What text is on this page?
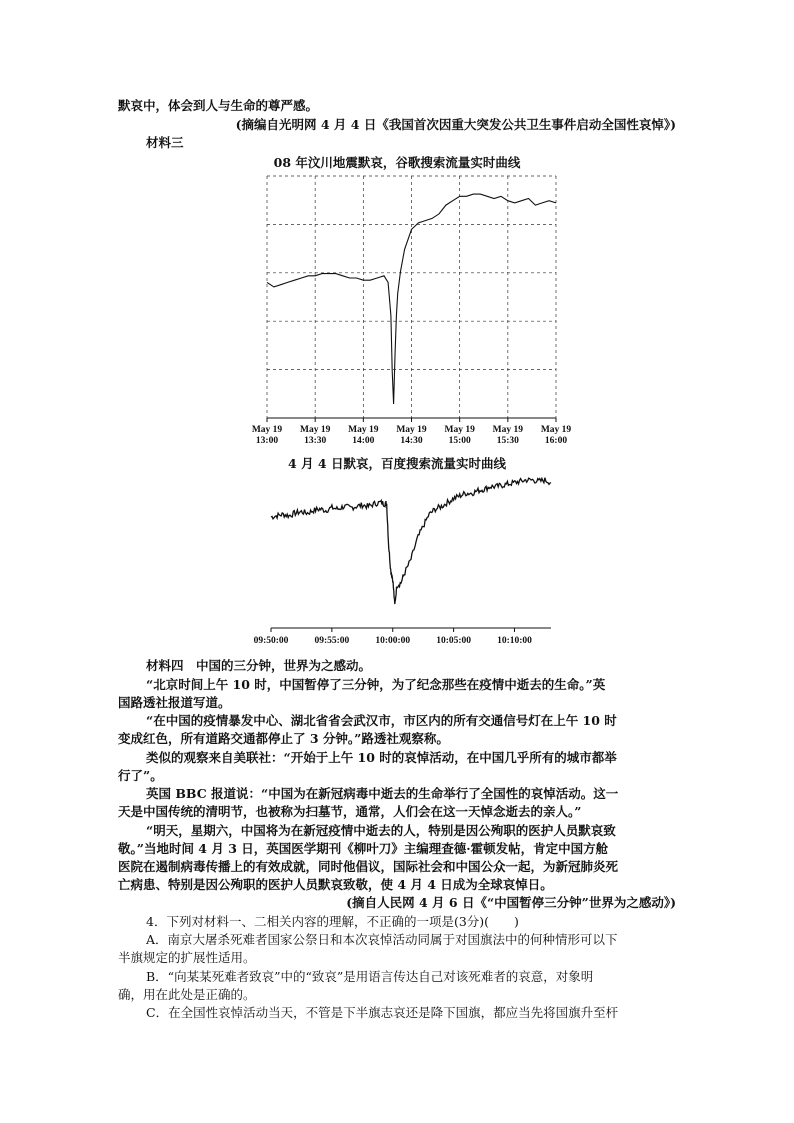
默哀中，体会到人与生命的尊严感。
(摘编自光明网 4 月 4 日《我国首次因重大突发公共卫生事件启动全国性哀悼》)
材料三
08 年汶川地震默哀，谷歌搜索流量实时曲线
May 19
13:00
May 19
13:30
May 19
14:00
May 19
14:30
May 19
15:00
May 19
15:30
May 19
16:00
4 月 4 日默哀，百度搜索流量实时曲线
09:50:00	09:55:00	10:00:00	10:05:00	10:10:00
材料四　中国的三分钟，世界为之感动。
“北京时间上午 10 时，中国暂停了三分钟，为了纪念那些在疫情中逝去的生命。”英
国路透社报道写道。
“在中国的疫情暴发中心、湖北省省会武汉市，市区内的所有交通信号灯在上午 10 时
变成红色，所有道路交通都停止了 3 分钟。”路透社观察称。
类似的观察来自美联社：“开始于上午 10 时的哀悼活动，在中国几乎所有的城市都举
行了”。
英国 BBC 报道说：“中国为在新冠病毒中逝去的生命举行了全国性的哀悼活动。这一
天是中国传统的清明节，也被称为扫墓节，通常，人们会在这一天悼念逝去的亲人。”
“明天，星期六，中国将为在新冠疫情中逝去的人，特别是因公殉职的医护人员默哀致
敬。”当地时间 4 月 3 日，英国医学期刊《柳叶刀》主编理查德·霍顿发帖，肯定中国方舱
医院在遏制病毒传播上的有效成就，同时他倡议，国际社会和中国公众一起，为新冠肺炎死
亡病患、特别是因公殉职的医护人员默哀致敬，使 4 月 4 日成为全球哀悼日。
(摘自人民网 4 月 6 日《“中国暂停三分钟”世界为之感动》)
4．下列对材料一、二相关内容的理解，不正确的一项是(3分)(　　)
A．南京大屠杀死难者国家公祭日和本次哀悼活动同属于对国旗法中的何种情形可以下
半旗规定的扩展性适用。
B．“向某某死难者致哀”中的“致哀”是用语言传达自己对该死难者的哀意，对象明
确，用在此处是正确的。
C．在全国性哀悼活动当天，不管是下半旗志哀还是降下国旗，都应当先将国旗升至杆
